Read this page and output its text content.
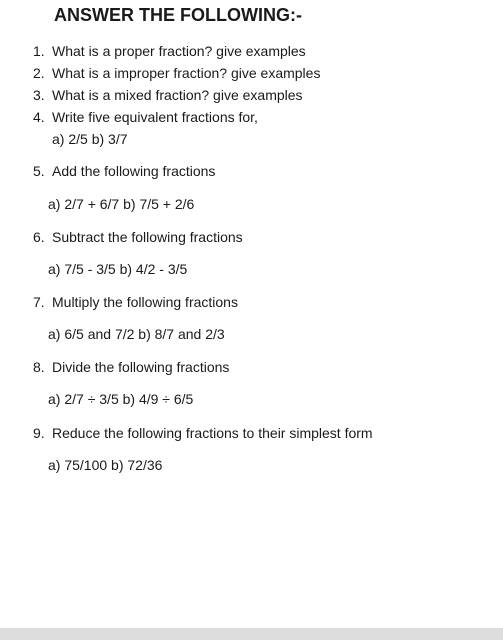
ANSWER THE FOLLOWING:-
1. What is a proper fraction? give examples
2. What is a improper fraction? give examples
3. What is a mixed fraction? give examples
4. Write five equivalent fractions for,
a) 2/5 b) 3/7
5. Add the following fractions
a) 2/7 + 6/7 b) 7/5 + 2/6
6. Subtract the following fractions
a) 7/5 - 3/5 b) 4/2 - 3/5
7. Multiply the following fractions
a) 6/5 and 7/2 b) 8/7 and 2/3
8. Divide the following fractions
a) 2/7 ÷ 3/5 b) 4/9 ÷ 6/5
9. Reduce the following fractions to their simplest form
a) 75/100 b) 72/36
